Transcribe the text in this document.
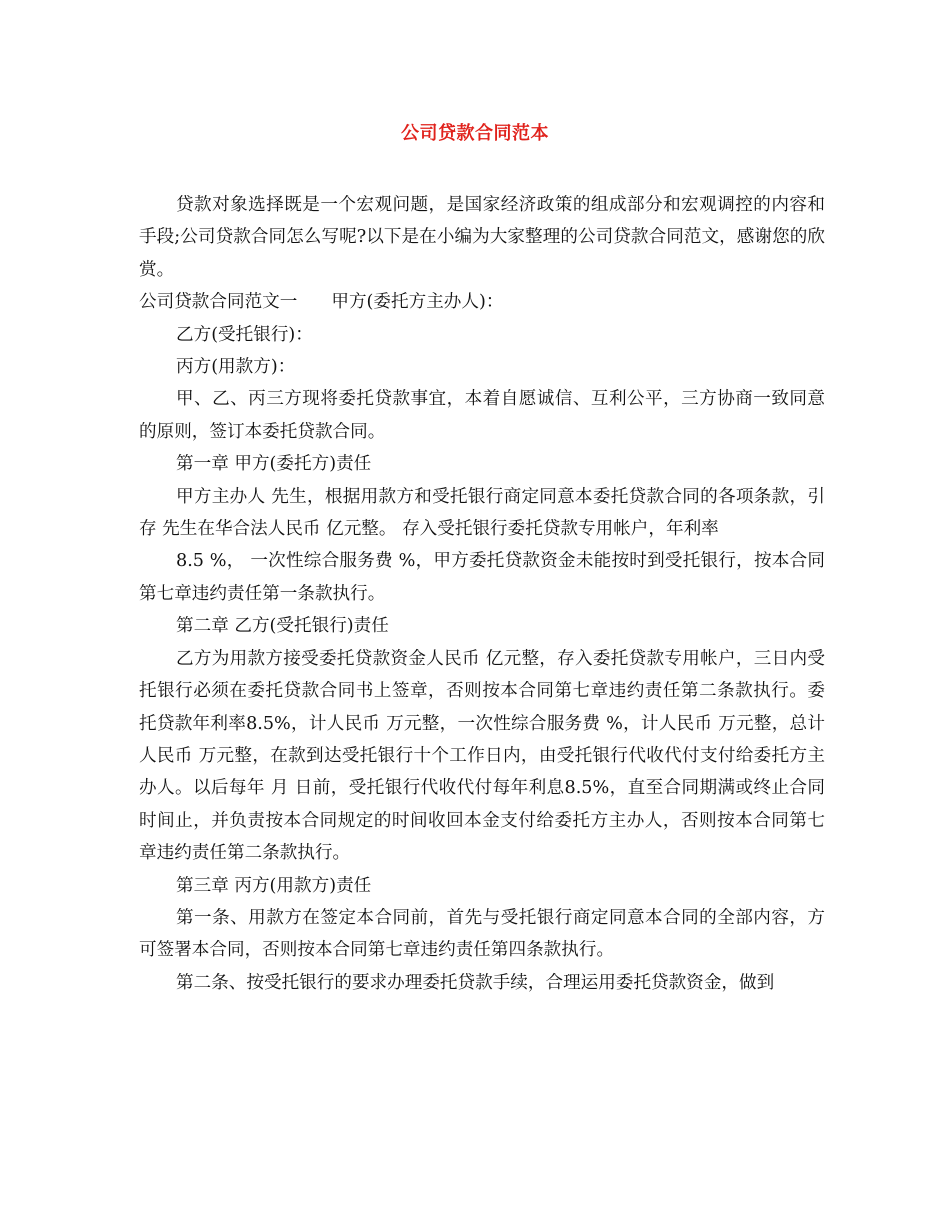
公司贷款合同范本

贷款对象选择既是一个宏观问题，是国家经济政策的组成部分和宏观调控的内容和手段;公司贷款合同怎么写呢?以下是在小编为大家整理的公司贷款合同范文，感谢您的欣赏。

公司贷款合同范文一 甲方(委托方主办人)：

乙方(受托银行)：

丙方(用款方)：

甲、乙、丙三方现将委托贷款事宜，本着自愿诚信、互利公平，三方协商一致同意的原则，签订本委托贷款合同。

第一章 甲方(委托方)责任

甲方主办人 先生，根据用款方和受托银行商定同意本委托贷款合同的各项条款，引存 先生在华合法人民币 亿元整。 存入受托银行委托贷款专用帐户，年利率

8.5 %， 一次性综合服务费 %，甲方委托贷款资金未能按时到受托银行，按本合同第七章违约责任第一条款执行。

第二章 乙方(受托银行)责任

乙方为用款方接受委托贷款资金人民币 亿元整，存入委托贷款专用帐户，三日内受托银行必须在委托贷款合同书上签章，否则按本合同第七章违约责任第二条款执行。委托贷款年利率8.5%，计人民币 万元整，一次性综合服务费 %，计人民币 万元整，总计人民币 万元整，在款到达受托银行十个工作日内，由受托银行代收代付支付给委托方主办人。以后每年 月 日前，受托银行代收代付每年利息8.5%，直至合同期满或终止合同时间止，并负责按本合同规定的时间收回本金支付给委托方主办人，否则按本合同第七章违约责任第二条款执行。

第三章 丙方(用款方)责任

第一条、用款方在签定本合同前，首先与受托银行商定同意本合同的全部内容，方可签署本合同，否则按本合同第七章违约责任第四条款执行。

第二条、按受托银行的要求办理委托贷款手续，合理运用委托贷款资金，做到
